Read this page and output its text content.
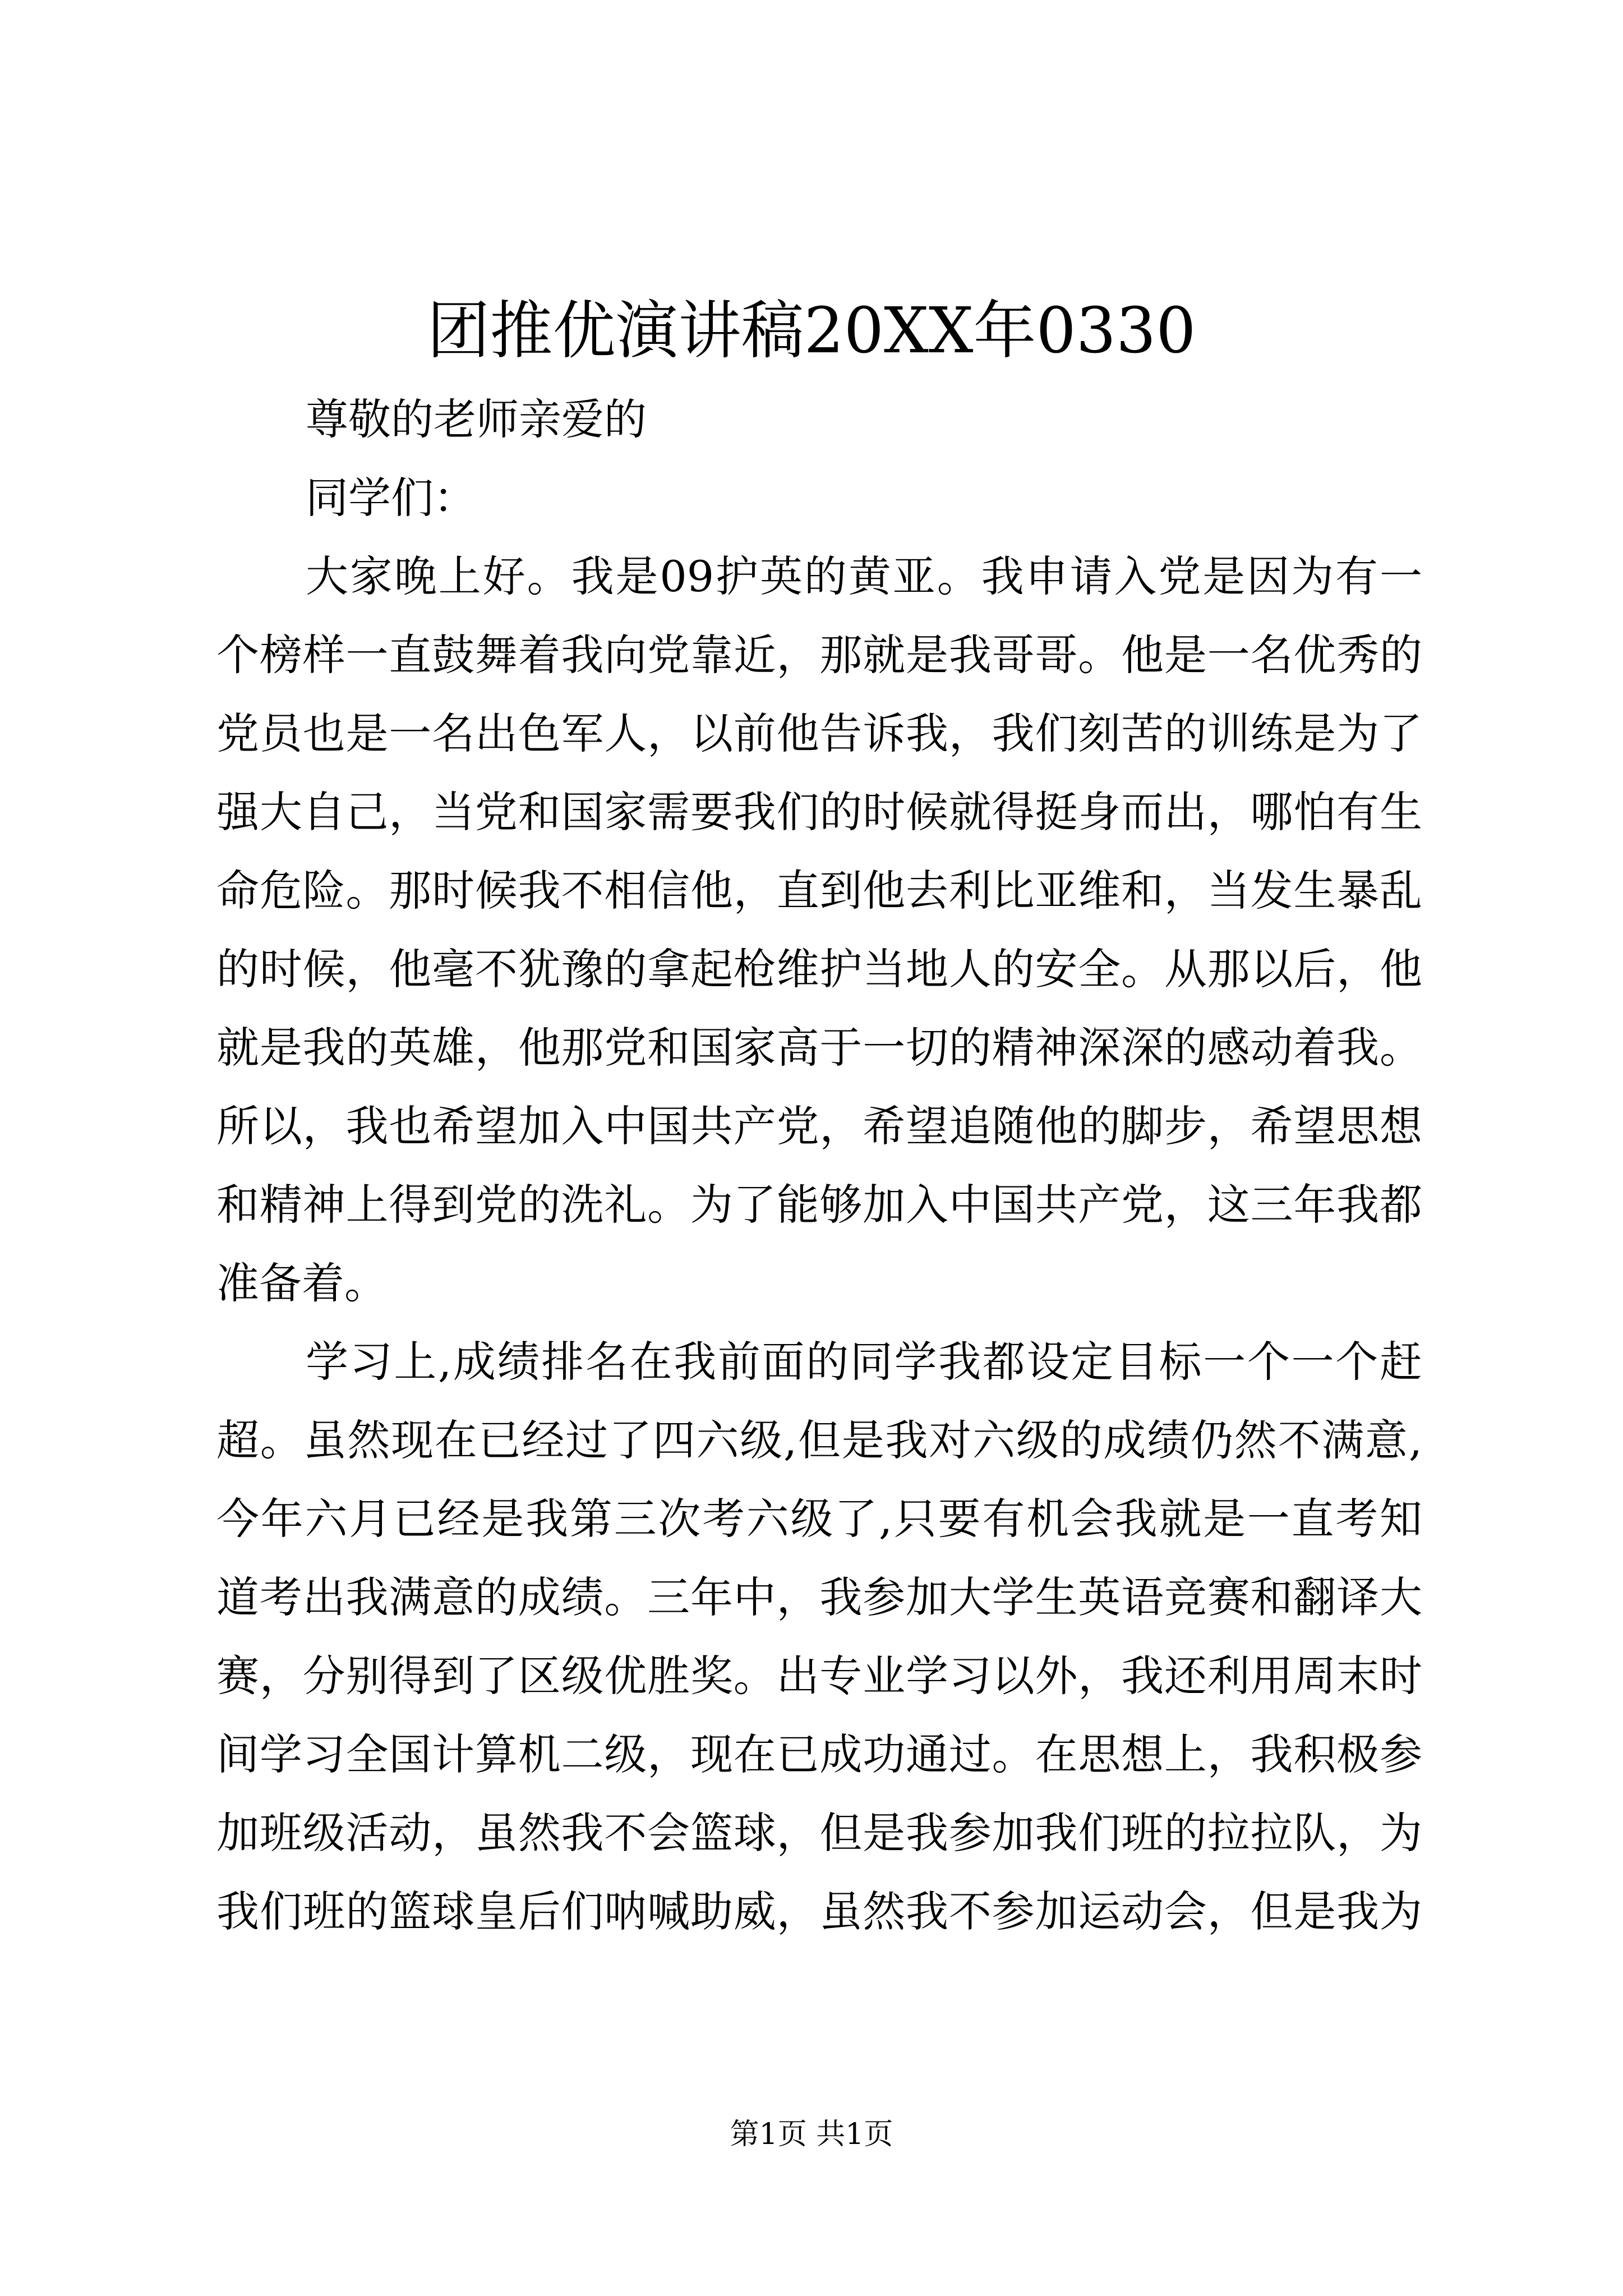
团推优演讲稿20XX年0330
尊敬的老师亲爱的
同学们：
大家晚上好。我是09护英的黄亚。我申请入党是因为有一
个榜样一直鼓舞着我向党靠近，那就是我哥哥。他是一名优秀的
党员也是一名出色军人，以前他告诉我，我们刻苦的训练是为了
强大自己，当党和国家需要我们的时候就得挺身而出，哪怕有生
命危险。那时候我不相信他，直到他去利比亚维和，当发生暴乱
的时候，他毫不犹豫的拿起枪维护当地人的安全。从那以后，他
就是我的英雄，他那党和国家高于一切的精神深深的感动着我。
所以，我也希望加入中国共产党，希望追随他的脚步，希望思想
和精神上得到党的洗礼。为了能够加入中国共产党，这三年我都
准备着。
学习上,成绩排名在我前面的同学我都设定目标一个一个赶
超。虽然现在已经过了四六级,但是我对六级的成绩仍然不满意,
今年六月已经是我第三次考六级了,只要有机会我就是一直考知
道考出我满意的成绩。三年中，我参加大学生英语竞赛和翻译大
赛，分别得到了区级优胜奖。出专业学习以外，我还利用周末时
间学习全国计算机二级，现在已成功通过。在思想上，我积极参
加班级活动，虽然我不会篮球，但是我参加我们班的拉拉队，为
我们班的篮球皇后们呐喊助威，虽然我不参加运动会，但是我为
第1页 共1页
